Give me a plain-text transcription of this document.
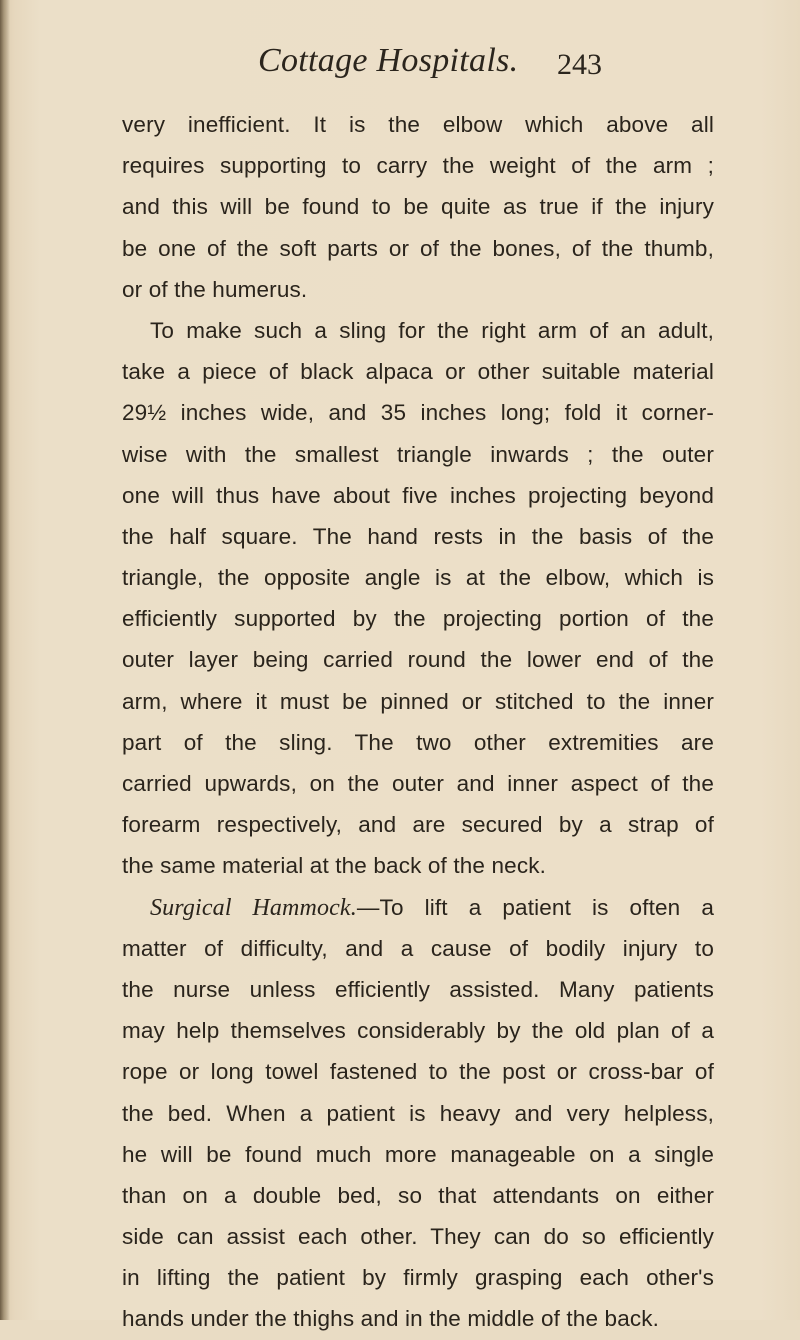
Cottage Hospitals. 243
very inefficient. It is the elbow which above all
requires supporting to carry the weight of the arm ;
and this will be found to be quite as true if the injury
be one of the soft parts or of the bones, of the thumb,
or of the humerus.
To make such a sling for the right arm of an adult,
take a piece of black alpaca or other suitable material
29½ inches wide, and 35 inches long; fold it corner-
wise with the smallest triangle inwards ; the outer
one will thus have about five inches projecting beyond
the half square. The hand rests in the basis of the
triangle, the opposite angle is at the elbow, which is
efficiently supported by the projecting portion of the
outer layer being carried round the lower end of the
arm, where it must be pinned or stitched to the inner
part of the sling. The two other extremities are
carried upwards, on the outer and inner aspect of the
forearm respectively, and are secured by a strap of
the same material at the back of the neck.
Surgical Hammock.—To lift a patient is often a
matter of difficulty, and a cause of bodily injury to
the nurse unless efficiently assisted. Many patients
may help themselves considerably by the old plan of a
rope or long towel fastened to the post or cross-bar of
the bed. When a patient is heavy and very helpless,
he will be found much more manageable on a single
than on a double bed, so that attendants on either
side can assist each other. They can do so efficiently
in lifting the patient by firmly grasping each other's
hands under the thighs and in the middle of the back.
